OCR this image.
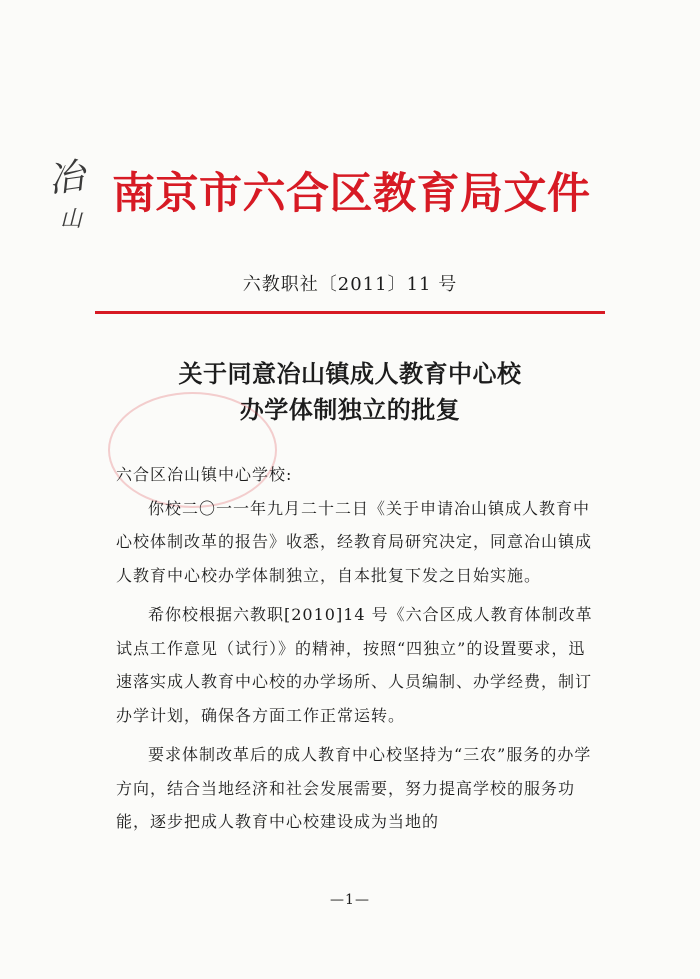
冶
山
南京市六合区教育局文件
六教职社〔2011〕11 号
关于同意冶山镇成人教育中心校
办学体制独立的批复

六合区冶山镇中心学校:

你校二〇一一年九月二十二日《关于申请冶山镇成人教育中心校体制改革的报告》收悉，经教育局研究决定，同意冶山镇成人教育中心校办学体制独立，自本批复下发之日始实施。

希你校根据六教职[2010]14 号《六合区成人教育体制改革试点工作意见（试行）》的精神，按照“四独立”的设置要求，迅速落实成人教育中心校的办学场所、人员编制、办学经费，制订办学计划，确保各方面工作正常运转。

要求体制改革后的成人教育中心校坚持为“三农”服务的办学方向，结合当地经济和社会发展需要，努力提高学校的服务功能，逐步把成人教育中心校建设成为当地的

—1—
